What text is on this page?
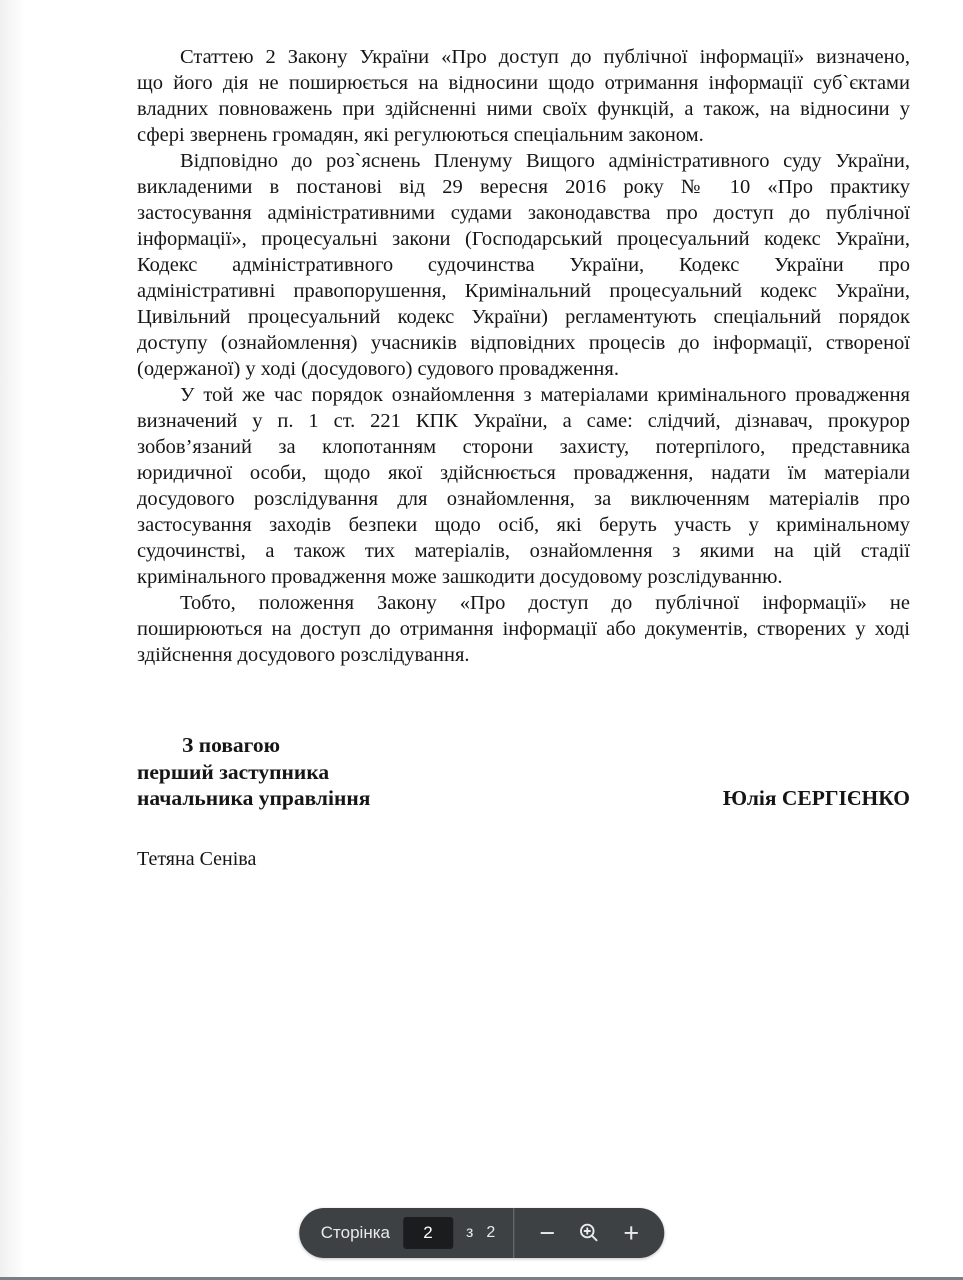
Статтею 2 Закону України «Про доступ до публічної інформації» визначено,
що його дія не поширюється на відносини щодо отримання інформації суб`єктами
владних повноважень при здійсненні ними своїх функцій, а також, на відносини у
сфері звернень громадян, які регулюються спеціальним законом.
Відповідно до роз`яснень Пленуму Вищого адміністративного суду України,
викладеними в постанові від 29 вересня 2016 року № 10 «Про практику
застосування адміністративними судами законодавства про доступ до публічної
інформації», процесуальні закони (Господарський процесуальний кодекс України,
Кодекс адміністративного судочинства України, Кодекс України про
адміністративні правопорушення, Кримінальний процесуальний кодекс України,
Цивільний процесуальний кодекс України) регламентують спеціальний порядок
доступу (ознайомлення) учасників відповідних процесів до інформації, створеної
(одержаної) у ході (досудового) судового провадження.
У той же час порядок ознайомлення з матеріалами кримінального провадження
визначений у п. 1 ст. 221 КПК України, а саме: слідчий, дізнавач, прокурор
зобов’язаний за клопотанням сторони захисту, потерпілого, представника
юридичної особи, щодо якої здійснюється провадження, надати їм матеріали
досудового розслідування для ознайомлення, за виключенням матеріалів про
застосування заходів безпеки щодо осіб, які беруть участь у кримінальному
судочинстві, а також тих матеріалів, ознайомлення з якими на цій стадії
кримінального провадження може зашкодити досудовому розслідуванню.
Тобто, положення Закону «Про доступ до публічної інформації» не
поширюються на доступ до отримання інформації або документів, створених у ході
здійснення досудового розслідування.
З повагою
перший заступника
начальника управління	Юлія СЕРГІЄНКО
Тетяна Сеніва
Сторінка
2	з 2 −	+
